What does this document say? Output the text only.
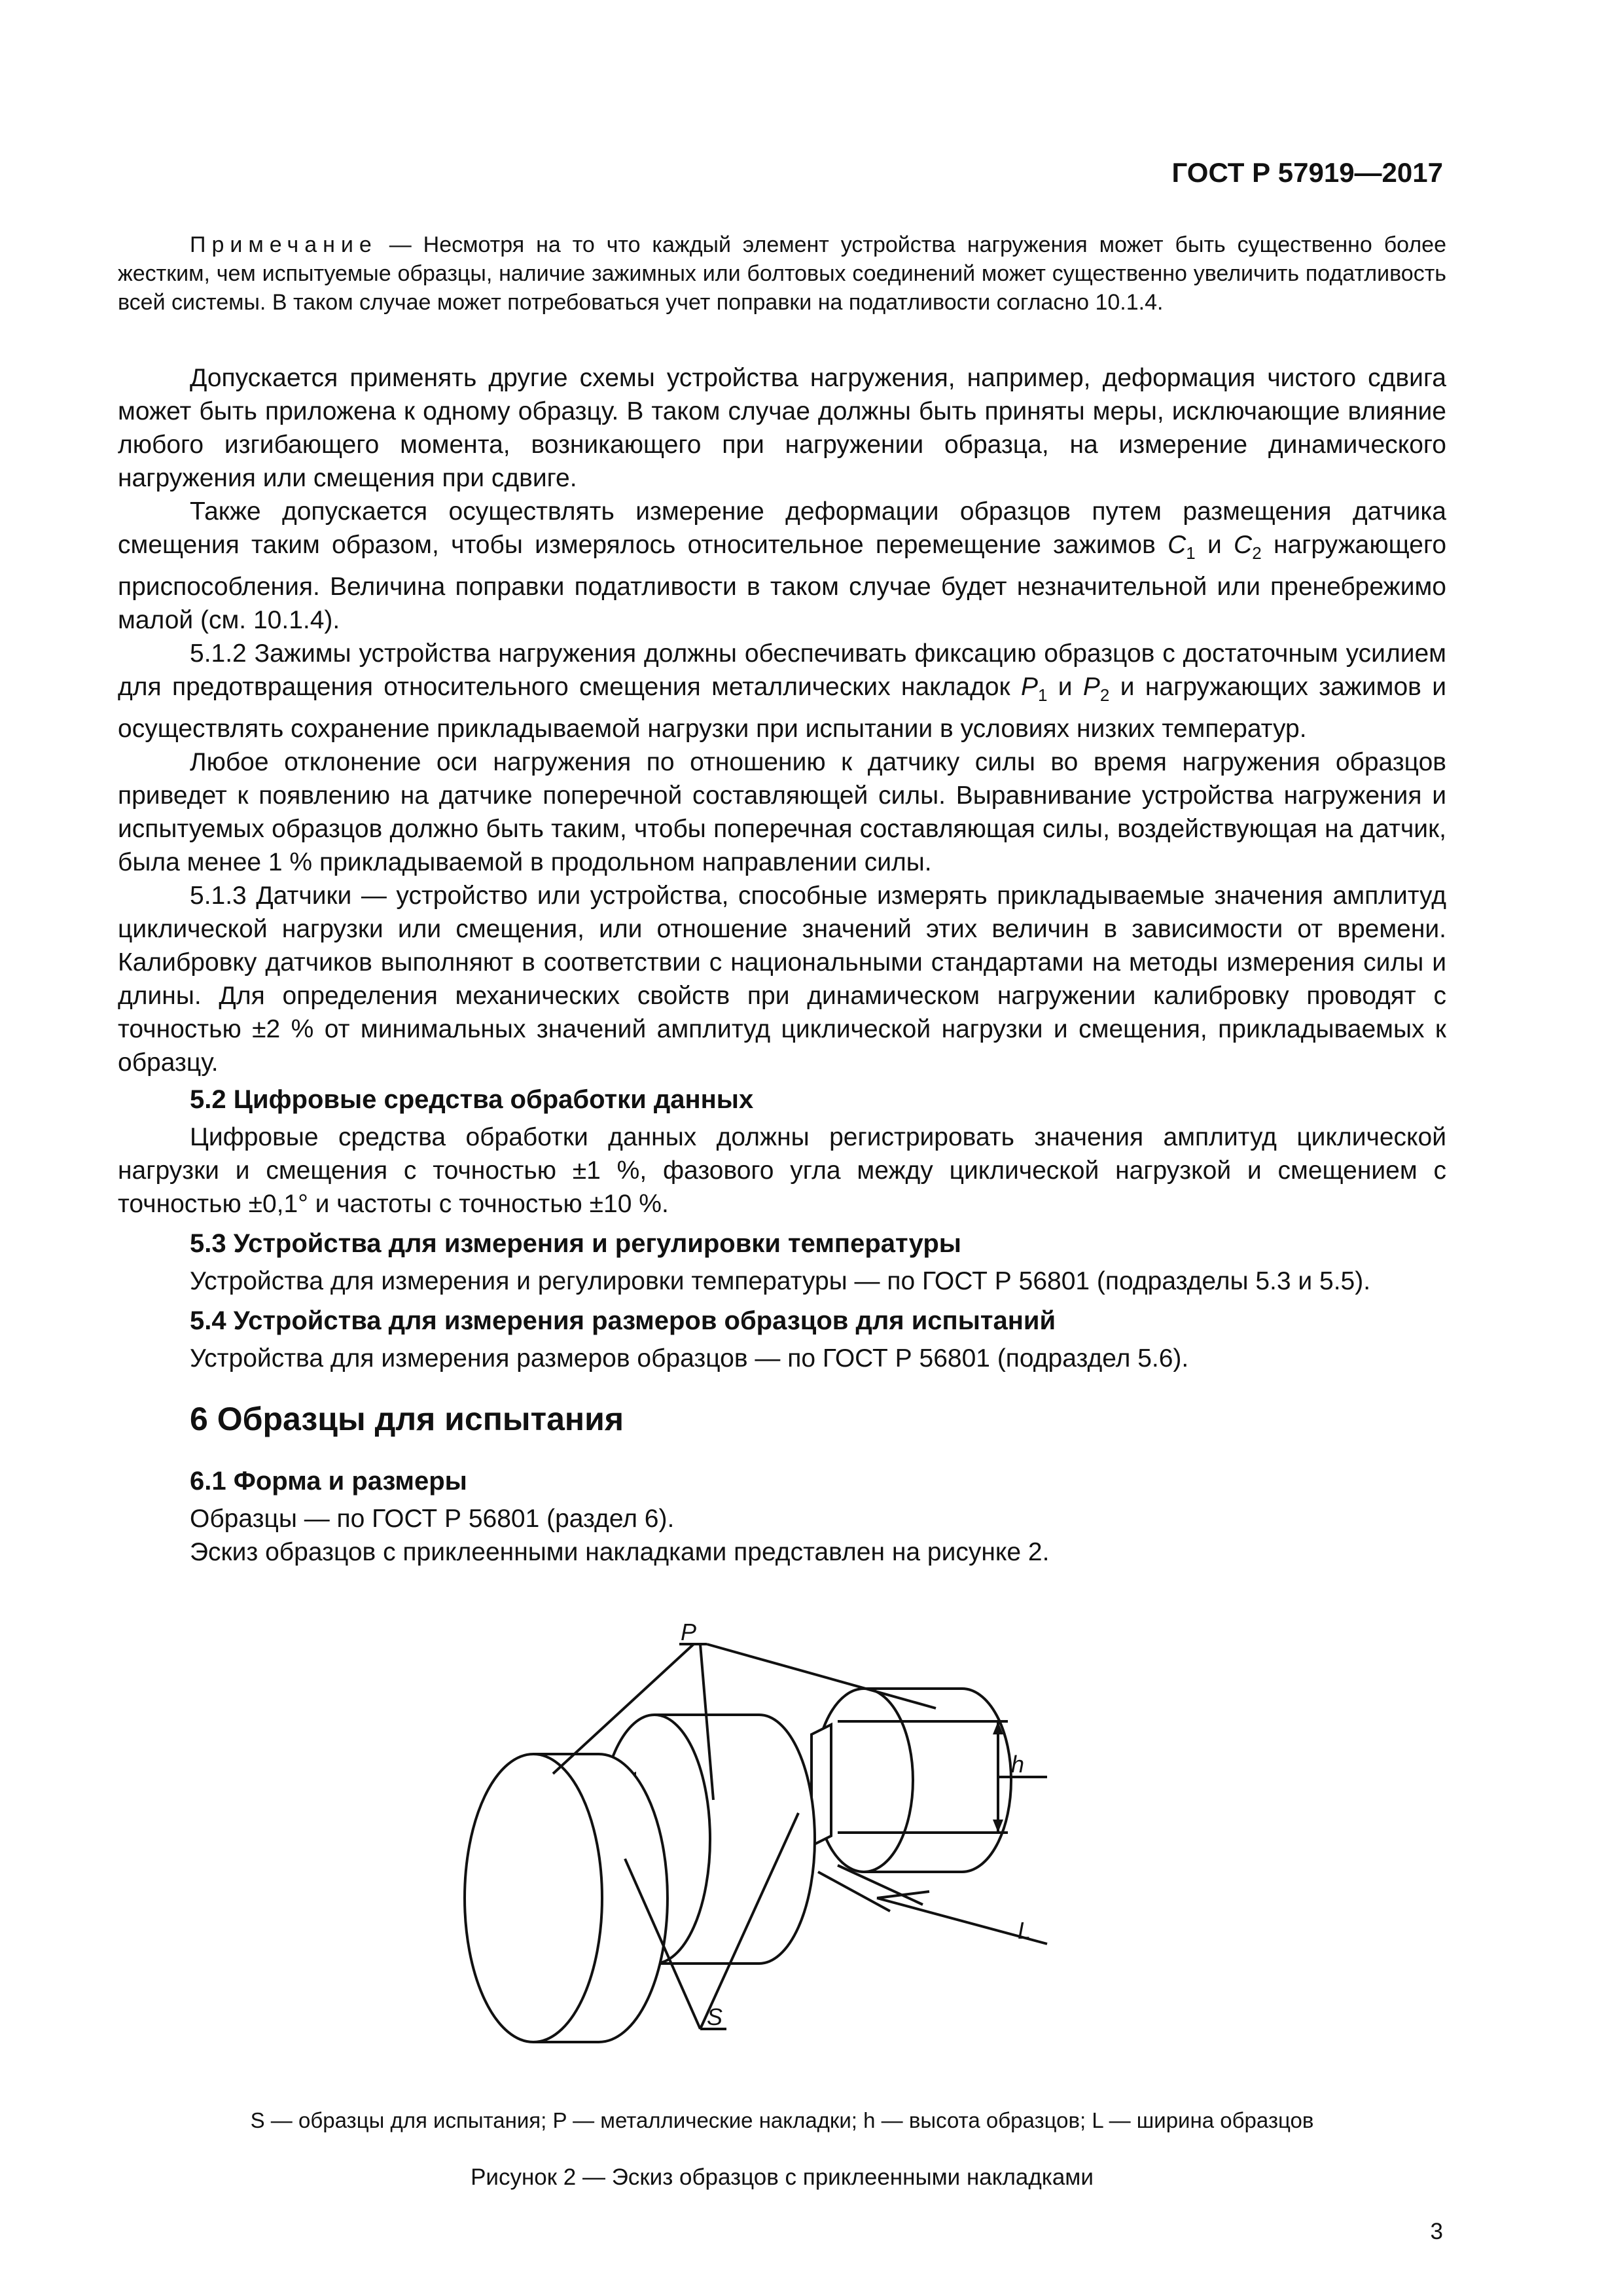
ГОСТ Р 57919—2017
Примечание — Несмотря на то что каждый элемент устройства нагружения может быть существенно более жестким, чем испытуемые образцы, наличие зажимных или болтовых соединений может существенно увеличить податливость всей системы. В таком случае может потребоваться учет поправки на податливости согласно 10.1.4.

Допускается применять другие схемы устройства нагружения, например, деформация чистого сдвига может быть приложена к одному образцу. В таком случае должны быть приняты меры, исключающие влияние любого изгибающего момента, возникающего при нагружении образца, на измерение динамического нагружения или смещения при сдвиге.

Также допускается осуществлять измерение деформации образцов путем размещения датчика смещения таким образом, чтобы измерялось относительное перемещение зажимов $C_1$ и $C_2$ нагружающего приспособления. Величина поправки податливости в таком случае будет незначительной или пренебрежимо малой (см. 10.1.4).

5.1.2 Зажимы устройства нагружения должны обеспечивать фиксацию образцов с достаточным усилием для предотвращения относительного смещения металлических накладок $P_1$ и $P_2$ и нагружающих зажимов и осуществлять сохранение прикладываемой нагрузки при испытании в условиях низких температур.

Любое отклонение оси нагружения по отношению к датчику силы во время нагружения образцов приведет к появлению на датчике поперечной составляющей силы. Выравнивание устройства нагружения и испытуемых образцов должно быть таким, чтобы поперечная составляющая силы, воздействующая на датчик, была менее 1 % прикладываемой в продольном направлении силы.

5.1.3 Датчики — устройство или устройства, способные измерять прикладываемые значения амплитуд циклической нагрузки или смещения, или отношение значений этих величин в зависимости от времени. Калибровку датчиков выполняют в соответствии с национальными стандартами на методы измерения силы и длины. Для определения механических свойств при динамическом нагружении калибровку проводят с точностью ±2 % от минимальных значений амплитуд циклической нагрузки и смещения, прикладываемых к образцу.

5.2 Цифровые средства обработки данных

Цифровые средства обработки данных должны регистрировать значения амплитуд циклической нагрузки и смещения с точностью ±1 %, фазового угла между циклической нагрузкой и смещением с точностью ±0,1° и частоты с точностью ±10 %.

5.3 Устройства для измерения и регулировки температуры

Устройства для измерения и регулировки температуры — по ГОСТ Р 56801 (подразделы 5.3 и 5.5).

5.4 Устройства для измерения размеров образцов для испытаний

Устройства для измерения размеров образцов — по ГОСТ Р 56801 (подраздел 5.6).

6 Образцы для испытания

6.1 Форма и размеры

Образцы — по ГОСТ Р 56801 (раздел 6).

Эскиз образцов с приклеенными накладками представлен на рисунке 2.

P
h
L
S
S — образцы для испытания; P — металлические накладки; h — высота образцов; L — ширина образцов
Рисунок 2 — Эскиз образцов с приклеенными накладками
3
